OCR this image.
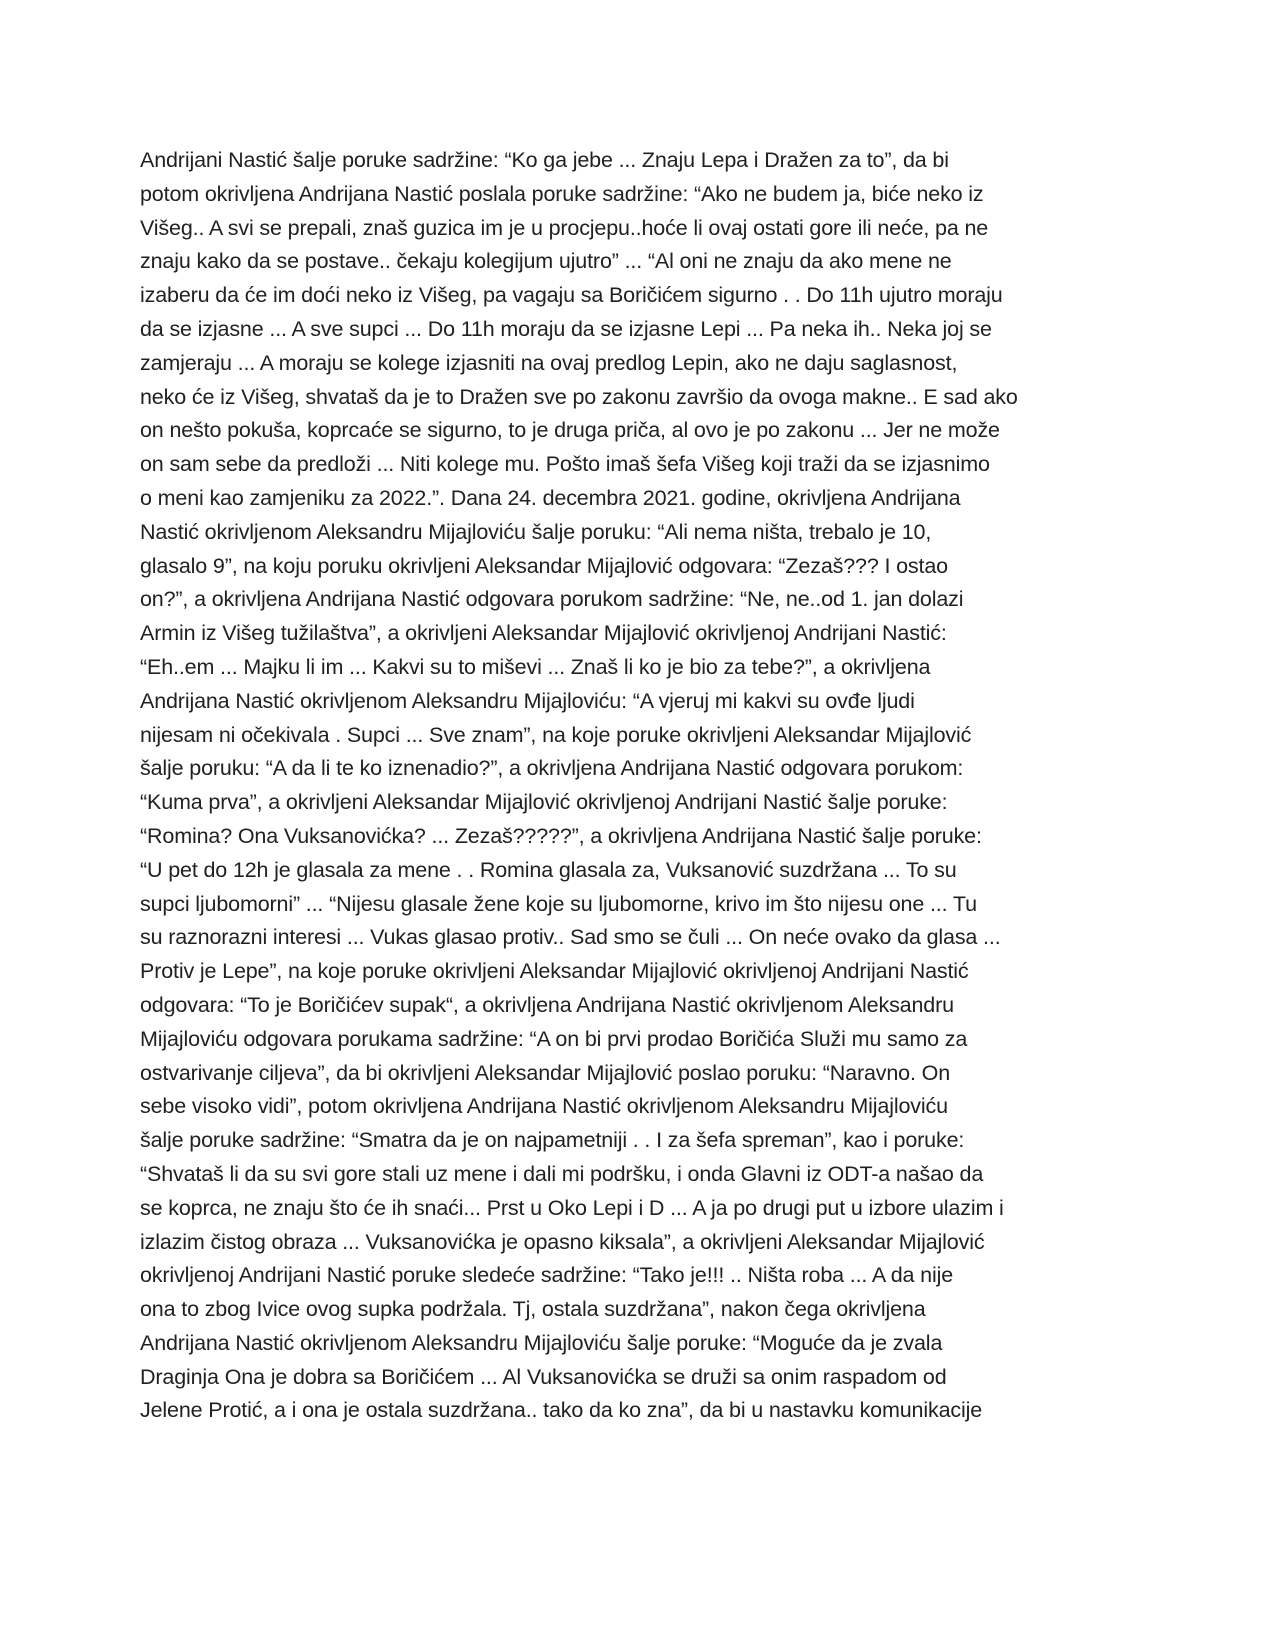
Andrijani Nastić šalje poruke sadržine: “Ko ga jebe ... Znaju Lepa i Dražen za to”, da bi
potom okrivljena Andrijana Nastić poslala poruke sadržine: “Ako ne budem ja, biće neko iz
Višeg.. A svi se prepali, znaš guzica im je u procjepu..hoće li ovaj ostati gore ili neće, pa ne
znaju kako da se postave.. čekaju kolegijum ujutro” ... “Al oni ne znaju da ako mene ne
izaberu da će im doći neko iz Višeg, pa vagaju sa Boričićem sigurno . . Do 11h ujutro moraju
da se izjasne ... A sve supci ... Do 11h moraju da se izjasne Lepi ... Pa neka ih.. Neka joj se
zamjeraju ... A moraju se kolege izjasniti na ovaj predlog Lepin, ako ne daju saglasnost,
neko će iz Višeg, shvataš da je to Dražen sve po zakonu završio da ovoga makne.. E sad ako
on nešto pokuša, koprcaće se sigurno, to je druga priča, al ovo je po zakonu ... Jer ne može
on sam sebe da predloži ... Niti kolege mu. Pošto imaš šefa Višeg koji traži da se izjasnimo
o meni kao zamjeniku za 2022.”. Dana 24. decembra 2021. godine, okrivljena Andrijana
Nastić okrivljenom Aleksandru Mijajloviću šalje poruku: “Ali nema ništa, trebalo je 10,
glasalo 9”, na koju poruku okrivljeni Aleksandar Mijajlović odgovara: “Zezaš??? I ostao
on?”, a okrivljena Andrijana Nastić odgovara porukom sadržine: “Ne, ne..od 1. jan dolazi
Armin iz Višeg tužilaštva”, a okrivljeni Aleksandar Mijajlović okrivljenoj Andrijani Nastić:
“Eh..em ... Majku li im ... Kakvi su to miševi ... Znaš li ko je bio za tebe?”, a okrivljena
Andrijana Nastić okrivljenom Aleksandru Mijajloviću: “A vjeruj mi kakvi su ovđe ljudi
nijesam ni očekivala . Supci ... Sve znam”, na koje poruke okrivljeni Aleksandar Mijajlović
šalje poruku: “A da li te ko iznenadio?”, a okrivljena Andrijana Nastić odgovara porukom:
“Kuma prva”, a okrivljeni Aleksandar Mijajlović okrivljenoj Andrijani Nastić šalje poruke:
“Romina? Ona Vuksanovićka? ... Zezaš?????”, a okrivljena Andrijana Nastić šalje poruke:
“U pet do 12h je glasala za mene . . Romina glasala za, Vuksanović suzdržana ... To su
supci ljubomorni” ... “Nijesu glasale žene koje su ljubomorne, krivo im što nijesu one ... Tu
su raznorazni interesi ... Vukas glasao protiv.. Sad smo se čuli ... On neće ovako da glasa ...
Protiv je Lepe”, na koje poruke okrivljeni Aleksandar Mijajlović okrivljenoj Andrijani Nastić
odgovara: “To je Boričićev supak“, a okrivljena Andrijana Nastić okrivljenom Aleksandru
Mijajloviću odgovara porukama sadržine: “A on bi prvi prodao Boričića Služi mu samo za
ostvarivanje ciljeva”, da bi okrivljeni Aleksandar Mijajlović poslao poruku: “Naravno. On
sebe visoko vidi”, potom okrivljena Andrijana Nastić okrivljenom Aleksandru Mijajloviću
šalje poruke sadržine: “Smatra da je on najpametniji . . I za šefa spreman”, kao i poruke:
“Shvataš li da su svi gore stali uz mene i dali mi podršku, i onda Glavni iz ODT-a našao da
se koprca, ne znaju što će ih snaći... Prst u Oko Lepi i D ... A ja po drugi put u izbore ulazim i
izlazim čistog obraza ... Vuksanovićka je opasno kiksala”, a okrivljeni Aleksandar Mijajlović
okrivljenoj Andrijani Nastić poruke sledeće sadržine: “Tako je!!! .. Ništa roba ... A da nije
ona to zbog Ivice ovog supka podržala. Tj, ostala suzdržana”, nakon čega okrivljena
Andrijana Nastić okrivljenom Aleksandru Mijajloviću šalje poruke: “Moguće da je zvala
Draginja Ona je dobra sa Boričićem ... Al Vuksanovićka se druži sa onim raspadom od
Jelene Protić, a i ona je ostala suzdržana.. tako da ko zna”, da bi u nastavku komunikacije
